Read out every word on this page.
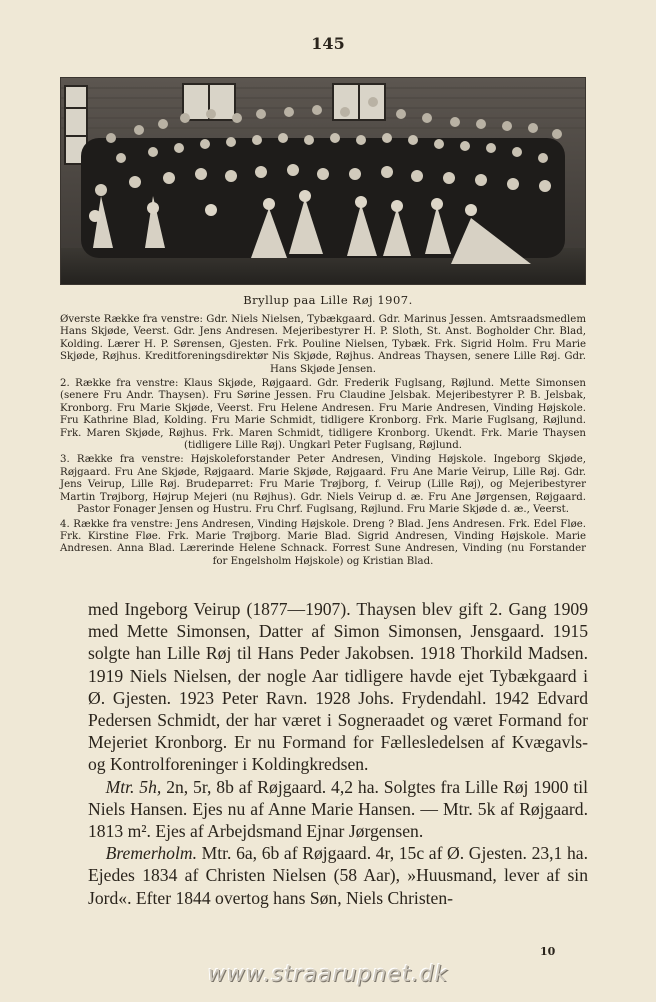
145
Bryllup paa Lille Røj 1907.

Øverste Række fra venstre: Gdr. Niels Nielsen, Tybækgaard. Gdr. Marinus Jessen. Amtsraadsmedlem Hans Skjøde, Veerst. Gdr. Jens Andresen. Mejeribestyrer H. P. Sloth, St. Anst. Bogholder Chr. Blad, Kolding. Lærer H. P. Sørensen, Gjesten. Frk. Pouline Nielsen, Tybæk. Frk. Sigrid Holm. Fru Marie Skjøde, Røjhus. Kreditforeningsdirektør Nis Skjøde, Røjhus. Andreas Thaysen, senere Lille Røj. Gdr. Hans Skjøde Jensen.

2. Række fra venstre: Klaus Skjøde, Røjgaard. Gdr. Frederik Fuglsang, Røjlund. Mette Simonsen (senere Fru Andr. Thaysen). Fru Sørine Jessen. Fru Claudine Jelsbak. Mejeribestyrer P. B. Jelsbak, Kronborg. Fru Marie Skjøde, Veerst. Fru Helene Andresen. Fru Marie Andresen, Vinding Højskole. Fru Kathrine Blad, Kolding. Fru Marie Schmidt, tidligere Kronborg. Frk. Marie Fuglsang, Røjlund. Frk. Maren Skjøde, Røjhus. Frk. Maren Schmidt, tidligere Kronborg. Ukendt. Frk. Marie Thaysen (tidligere Lille Røj). Ungkarl Peter Fuglsang, Røjlund.

3. Række fra venstre: Højskoleforstander Peter Andresen, Vinding Højskole. Ingeborg Skjøde, Røjgaard. Fru Ane Skjøde, Røjgaard. Marie Skjøde, Røjgaard. Fru Ane Marie Veirup, Lille Røj. Gdr. Jens Veirup, Lille Røj. Brudeparret: Fru Marie Trøjborg, f. Veirup (Lille Røj), og Mejeribestyrer Martin Trøjborg, Højrup Mejeri (nu Røjhus). Gdr. Niels Veirup d. æ. Fru Ane Jørgensen, Røjgaard. Pastor Fonager Jensen og Hustru. Fru Chrf. Fuglsang, Røjlund. Fru Marie Skjøde d. æ., Veerst.

4. Række fra venstre: Jens Andresen, Vinding Højskole. Dreng ? Blad. Jens Andresen. Frk. Edel Fløe. Frk. Kirstine Fløe. Frk. Marie Trøjborg. Marie Blad. Sigrid Andresen, Vinding Højskole. Marie Andresen. Anna Blad. Lærerinde Helene Schnack. Forrest Sune Andresen, Vinding (nu Forstander for Engelsholm Højskole) og Kristian Blad.

med Ingeborg Veirup (1877—1907). Thaysen blev gift 2. Gang 1909 med Mette Simonsen, Datter af Simon Simonsen, Jensgaard. 1915 solgte han Lille Røj til Hans Peder Jakobsen. 1918 Thorkild Madsen. 1919 Niels Nielsen, der nogle Aar tidligere havde ejet Tybækgaard i Ø. Gjesten. 1923 Peter Ravn. 1928 Johs. Frydendahl. 1942 Edvard Pedersen Schmidt, der har været i Sogneraadet og været Formand for Mejeriet Kronborg. Er nu Formand for Fællesledelsen af Kvægavls- og Kontrolforeninger i Koldingkredsen.

 Mtr. 5h, 2n, 5r, 8b af Røjgaard. 4,2 ha. Solgtes fra Lille Røj 1900 til Niels Hansen. Ejes nu af Anne Marie Hansen. — Mtr. 5k af Røjgaard. 1813 m². Ejes af Arbejdsmand Ejnar Jørgensen.

 Bremerholm. Mtr. 6a, 6b af Røjgaard. 4r, 15c af Ø. Gjesten. 23,1 ha. Ejedes 1834 af Christen Nielsen (58 Aar), »Huusmand, lever af sin Jord«. Efter 1844 overtog hans Søn, Niels Christen-

10
www.straarupnet.dk
